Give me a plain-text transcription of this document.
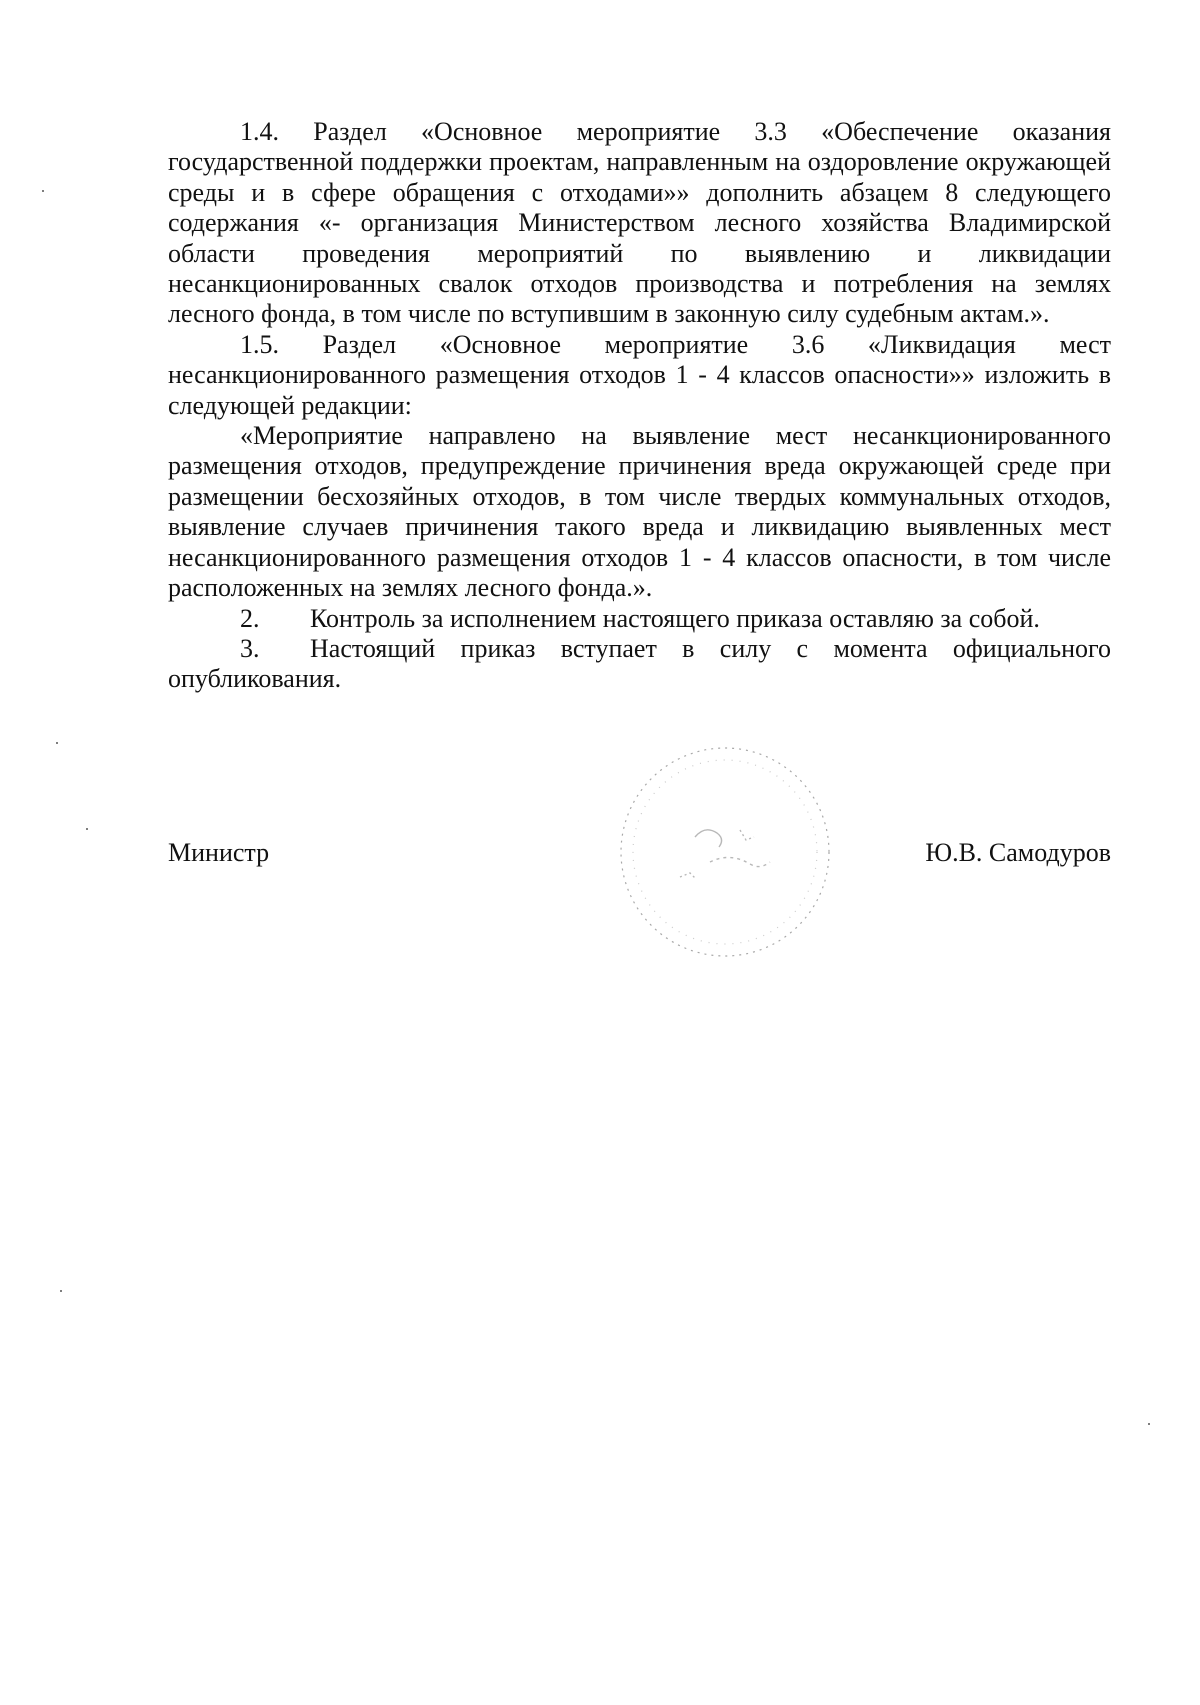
1.4. Раздел «Основное мероприятие 3.3 «Обеспечение оказания государственной поддержки проектам, направленным на оздоровление окружающей среды и в сфере обращения с отходами»» дополнить абзацем 8 следующего содержания «- организация Министерством лесного хозяйства Владимирской области проведения мероприятий по выявлению и ликвидации несанкционированных свалок отходов производства и потребления на землях лесного фонда, в том числе по вступившим в законную силу судебным актам.».

1.5. Раздел «Основное мероприятие 3.6 «Ликвидация мест несанкционированного размещения отходов 1 - 4 классов опасности»» изложить в следующей редакции:

«Мероприятие направлено на выявление мест несанкционированного размещения отходов, предупреждение причинения вреда окружающей среде при размещении бесхозяйных отходов, в том числе твердых коммунальных отходов, выявление случаев причинения такого вреда и ликвидацию выявленных мест несанкционированного размещения отходов 1 - 4 классов опасности, в том числе расположенных на землях лесного фонда.».

2.	Контроль за исполнением настоящего приказа оставляю за собой.
3. Настоящий приказ вступает в силу с момента официального опубликования.
Министр	Ю.В. Самодуров
